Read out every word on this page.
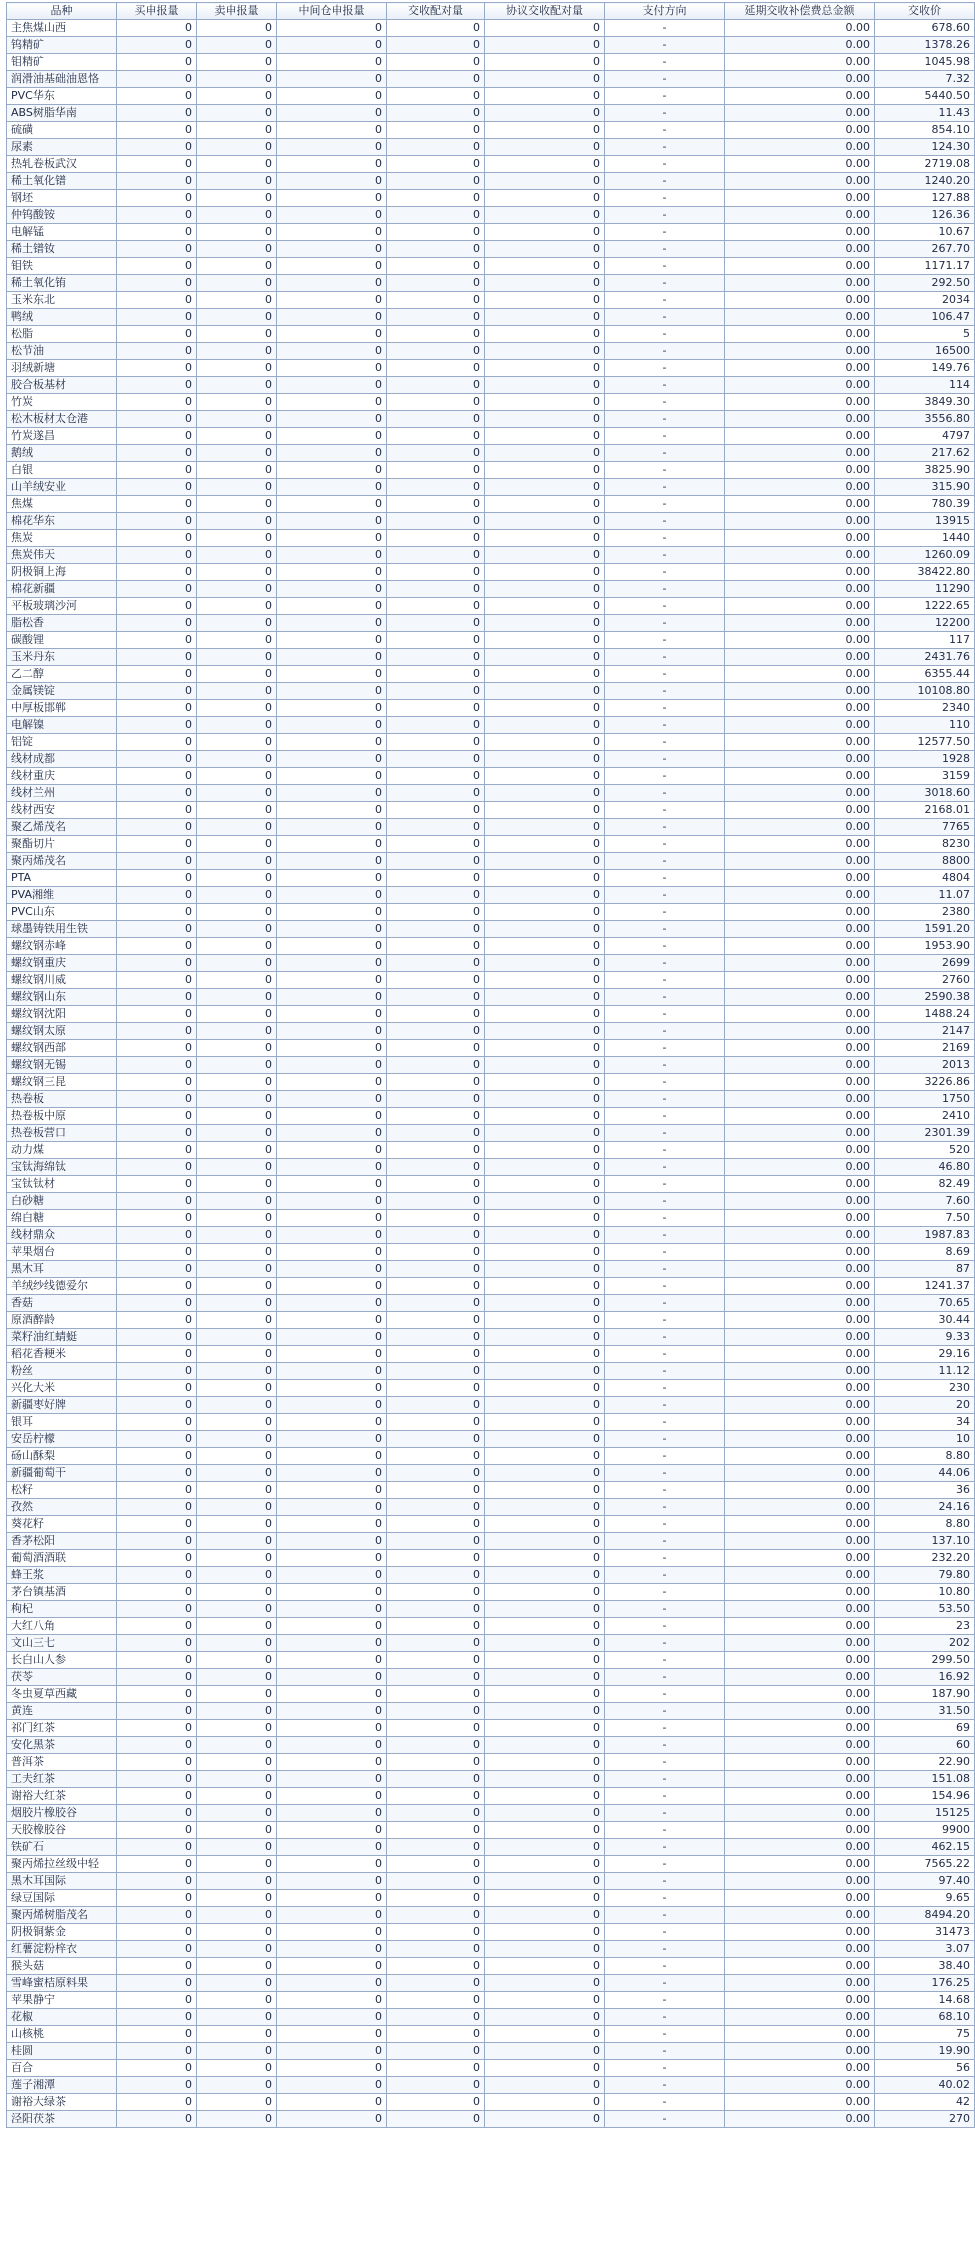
品种	买申报量	卖申报量	中间仓申报量	交收配对量	协议交收配对量	支付方向	延期交收补偿费总金额	交收价
主焦煤山西	0	0	0	0	0	-	0.00	678.60
钨精矿	0	0	0	0	0	-	0.00	1378.26
钼精矿	0	0	0	0	0	-	0.00	1045.98
润滑油基础油恩恪	0	0	0	0	0	-	0.00	7.32
PVC华东	0	0	0	0	0	-	0.00	5440.50
ABS树脂华南	0	0	0	0	0	-	0.00	11.43
硫磺	0	0	0	0	0	-	0.00	854.10
尿素	0	0	0	0	0	-	0.00	124.30
热轧卷板武汉	0	0	0	0	0	-	0.00	2719.08
稀土氧化镨	0	0	0	0	0	-	0.00	1240.20
钢坯	0	0	0	0	0	-	0.00	127.88
仲钨酸铵	0	0	0	0	0	-	0.00	126.36
电解锰	0	0	0	0	0	-	0.00	10.67
稀土镨钕	0	0	0	0	0	-	0.00	267.70
钼铁	0	0	0	0	0	-	0.00	1171.17
稀土氧化铕	0	0	0	0	0	-	0.00	292.50
玉米东北	0	0	0	0	0	-	0.00	2034
鸭绒	0	0	0	0	0	-	0.00	106.47
松脂	0	0	0	0	0	-	0.00	5
松节油	0	0	0	0	0	-	0.00	16500
羽绒新塘	0	0	0	0	0	-	0.00	149.76
胶合板基材	0	0	0	0	0	-	0.00	114
竹炭	0	0	0	0	0	-	0.00	3849.30
松木板材太仓港	0	0	0	0	0	-	0.00	3556.80
竹炭遂昌	0	0	0	0	0	-	0.00	4797
鹅绒	0	0	0	0	0	-	0.00	217.62
白银	0	0	0	0	0	-	0.00	3825.90
山羊绒安业	0	0	0	0	0	-	0.00	315.90
焦煤	0	0	0	0	0	-	0.00	780.39
棉花华东	0	0	0	0	0	-	0.00	13915
焦炭	0	0	0	0	0	-	0.00	1440
焦炭伟天	0	0	0	0	0	-	0.00	1260.09
阴极铜上海	0	0	0	0	0	-	0.00	38422.80
棉花新疆	0	0	0	0	0	-	0.00	11290
平板玻璃沙河	0	0	0	0	0	-	0.00	1222.65
脂松香	0	0	0	0	0	-	0.00	12200
碳酸锂	0	0	0	0	0	-	0.00	117
玉米丹东	0	0	0	0	0	-	0.00	2431.76
乙二醇	0	0	0	0	0	-	0.00	6355.44
金属镁锭	0	0	0	0	0	-	0.00	10108.80
中厚板邯郸	0	0	0	0	0	-	0.00	2340
电解镍	0	0	0	0	0	-	0.00	110
铝锭	0	0	0	0	0	-	0.00	12577.50
线材成都	0	0	0	0	0	-	0.00	1928
线材重庆	0	0	0	0	0	-	0.00	3159
线材兰州	0	0	0	0	0	-	0.00	3018.60
线材西安	0	0	0	0	0	-	0.00	2168.01
聚乙烯茂名	0	0	0	0	0	-	0.00	7765
聚酯切片	0	0	0	0	0	-	0.00	8230
聚丙烯茂名	0	0	0	0	0	-	0.00	8800
PTA	0	0	0	0	0	-	0.00	4804
PVA湘维	0	0	0	0	0	-	0.00	11.07
PVC山东	0	0	0	0	0	-	0.00	2380
球墨铸铁用生铁	0	0	0	0	0	-	0.00	1591.20
螺纹钢赤峰	0	0	0	0	0	-	0.00	1953.90
螺纹钢重庆	0	0	0	0	0	-	0.00	2699
螺纹钢川威	0	0	0	0	0	-	0.00	2760
螺纹钢山东	0	0	0	0	0	-	0.00	2590.38
螺纹钢沈阳	0	0	0	0	0	-	0.00	1488.24
螺纹钢太原	0	0	0	0	0	-	0.00	2147
螺纹钢西部	0	0	0	0	0	-	0.00	2169
螺纹钢无锡	0	0	0	0	0	-	0.00	2013
螺纹钢三昆	0	0	0	0	0	-	0.00	3226.86
热卷板	0	0	0	0	0	-	0.00	1750
热卷板中原	0	0	0	0	0	-	0.00	2410
热卷板营口	0	0	0	0	0	-	0.00	2301.39
动力煤	0	0	0	0	0	-	0.00	520
宝钛海绵钛	0	0	0	0	0	-	0.00	46.80
宝钛钛材	0	0	0	0	0	-	0.00	82.49
白砂糖	0	0	0	0	0	-	0.00	7.60
绵白糖	0	0	0	0	0	-	0.00	7.50
线材鼎众	0	0	0	0	0	-	0.00	1987.83
苹果烟台	0	0	0	0	0	-	0.00	8.69
黑木耳	0	0	0	0	0	-	0.00	87
羊绒纱线德爱尔	0	0	0	0	0	-	0.00	1241.37
香菇	0	0	0	0	0	-	0.00	70.65
原酒醉龄	0	0	0	0	0	-	0.00	30.44
菜籽油红蜻蜓	0	0	0	0	0	-	0.00	9.33
稻花香粳米	0	0	0	0	0	-	0.00	29.16
粉丝	0	0	0	0	0	-	0.00	11.12
兴化大米	0	0	0	0	0	-	0.00	230
新疆枣好牌	0	0	0	0	0	-	0.00	20
银耳	0	0	0	0	0	-	0.00	34
安岳柠檬	0	0	0	0	0	-	0.00	10
砀山酥梨	0	0	0	0	0	-	0.00	8.80
新疆葡萄干	0	0	0	0	0	-	0.00	44.06
松籽	0	0	0	0	0	-	0.00	36
孜然	0	0	0	0	0	-	0.00	24.16
葵花籽	0	0	0	0	0	-	0.00	8.80
香茅松阳	0	0	0	0	0	-	0.00	137.10
葡萄酒酒联	0	0	0	0	0	-	0.00	232.20
蜂王浆	0	0	0	0	0	-	0.00	79.80
茅台镇基酒	0	0	0	0	0	-	0.00	10.80
枸杞	0	0	0	0	0	-	0.00	53.50
大红八角	0	0	0	0	0	-	0.00	23
文山三七	0	0	0	0	0	-	0.00	202
长白山人参	0	0	0	0	0	-	0.00	299.50
茯苓	0	0	0	0	0	-	0.00	16.92
冬虫夏草西藏	0	0	0	0	0	-	0.00	187.90
黄连	0	0	0	0	0	-	0.00	31.50
祁门红茶	0	0	0	0	0	-	0.00	69
安化黑茶	0	0	0	0	0	-	0.00	60
普洱茶	0	0	0	0	0	-	0.00	22.90
工夫红茶	0	0	0	0	0	-	0.00	151.08
谢裕大红茶	0	0	0	0	0	-	0.00	154.96
烟胶片橡胶谷	0	0	0	0	0	-	0.00	15125
天胶橡胶谷	0	0	0	0	0	-	0.00	9900
铁矿石	0	0	0	0	0	-	0.00	462.15
聚丙烯拉丝级中轻	0	0	0	0	0	-	0.00	7565.22
黑木耳国际	0	0	0	0	0	-	0.00	97.40
绿豆国际	0	0	0	0	0	-	0.00	9.65
聚丙烯树脂茂名	0	0	0	0	0	-	0.00	8494.20
阴极铜紫金	0	0	0	0	0	-	0.00	31473
红薯淀粉梓衣	0	0	0	0	0	-	0.00	3.07
猴头菇	0	0	0	0	0	-	0.00	38.40
雪峰蜜桔原料果	0	0	0	0	0	-	0.00	176.25
苹果静宁	0	0	0	0	0	-	0.00	14.68
花椒	0	0	0	0	0	-	0.00	68.10
山核桃	0	0	0	0	0	-	0.00	75
桂圆	0	0	0	0	0	-	0.00	19.90
百合	0	0	0	0	0	-	0.00	56
莲子湘潭	0	0	0	0	0	-	0.00	40.02
谢裕大绿茶	0	0	0	0	0	-	0.00	42
泾阳茯茶	0	0	0	0	0	-	0.00	270
